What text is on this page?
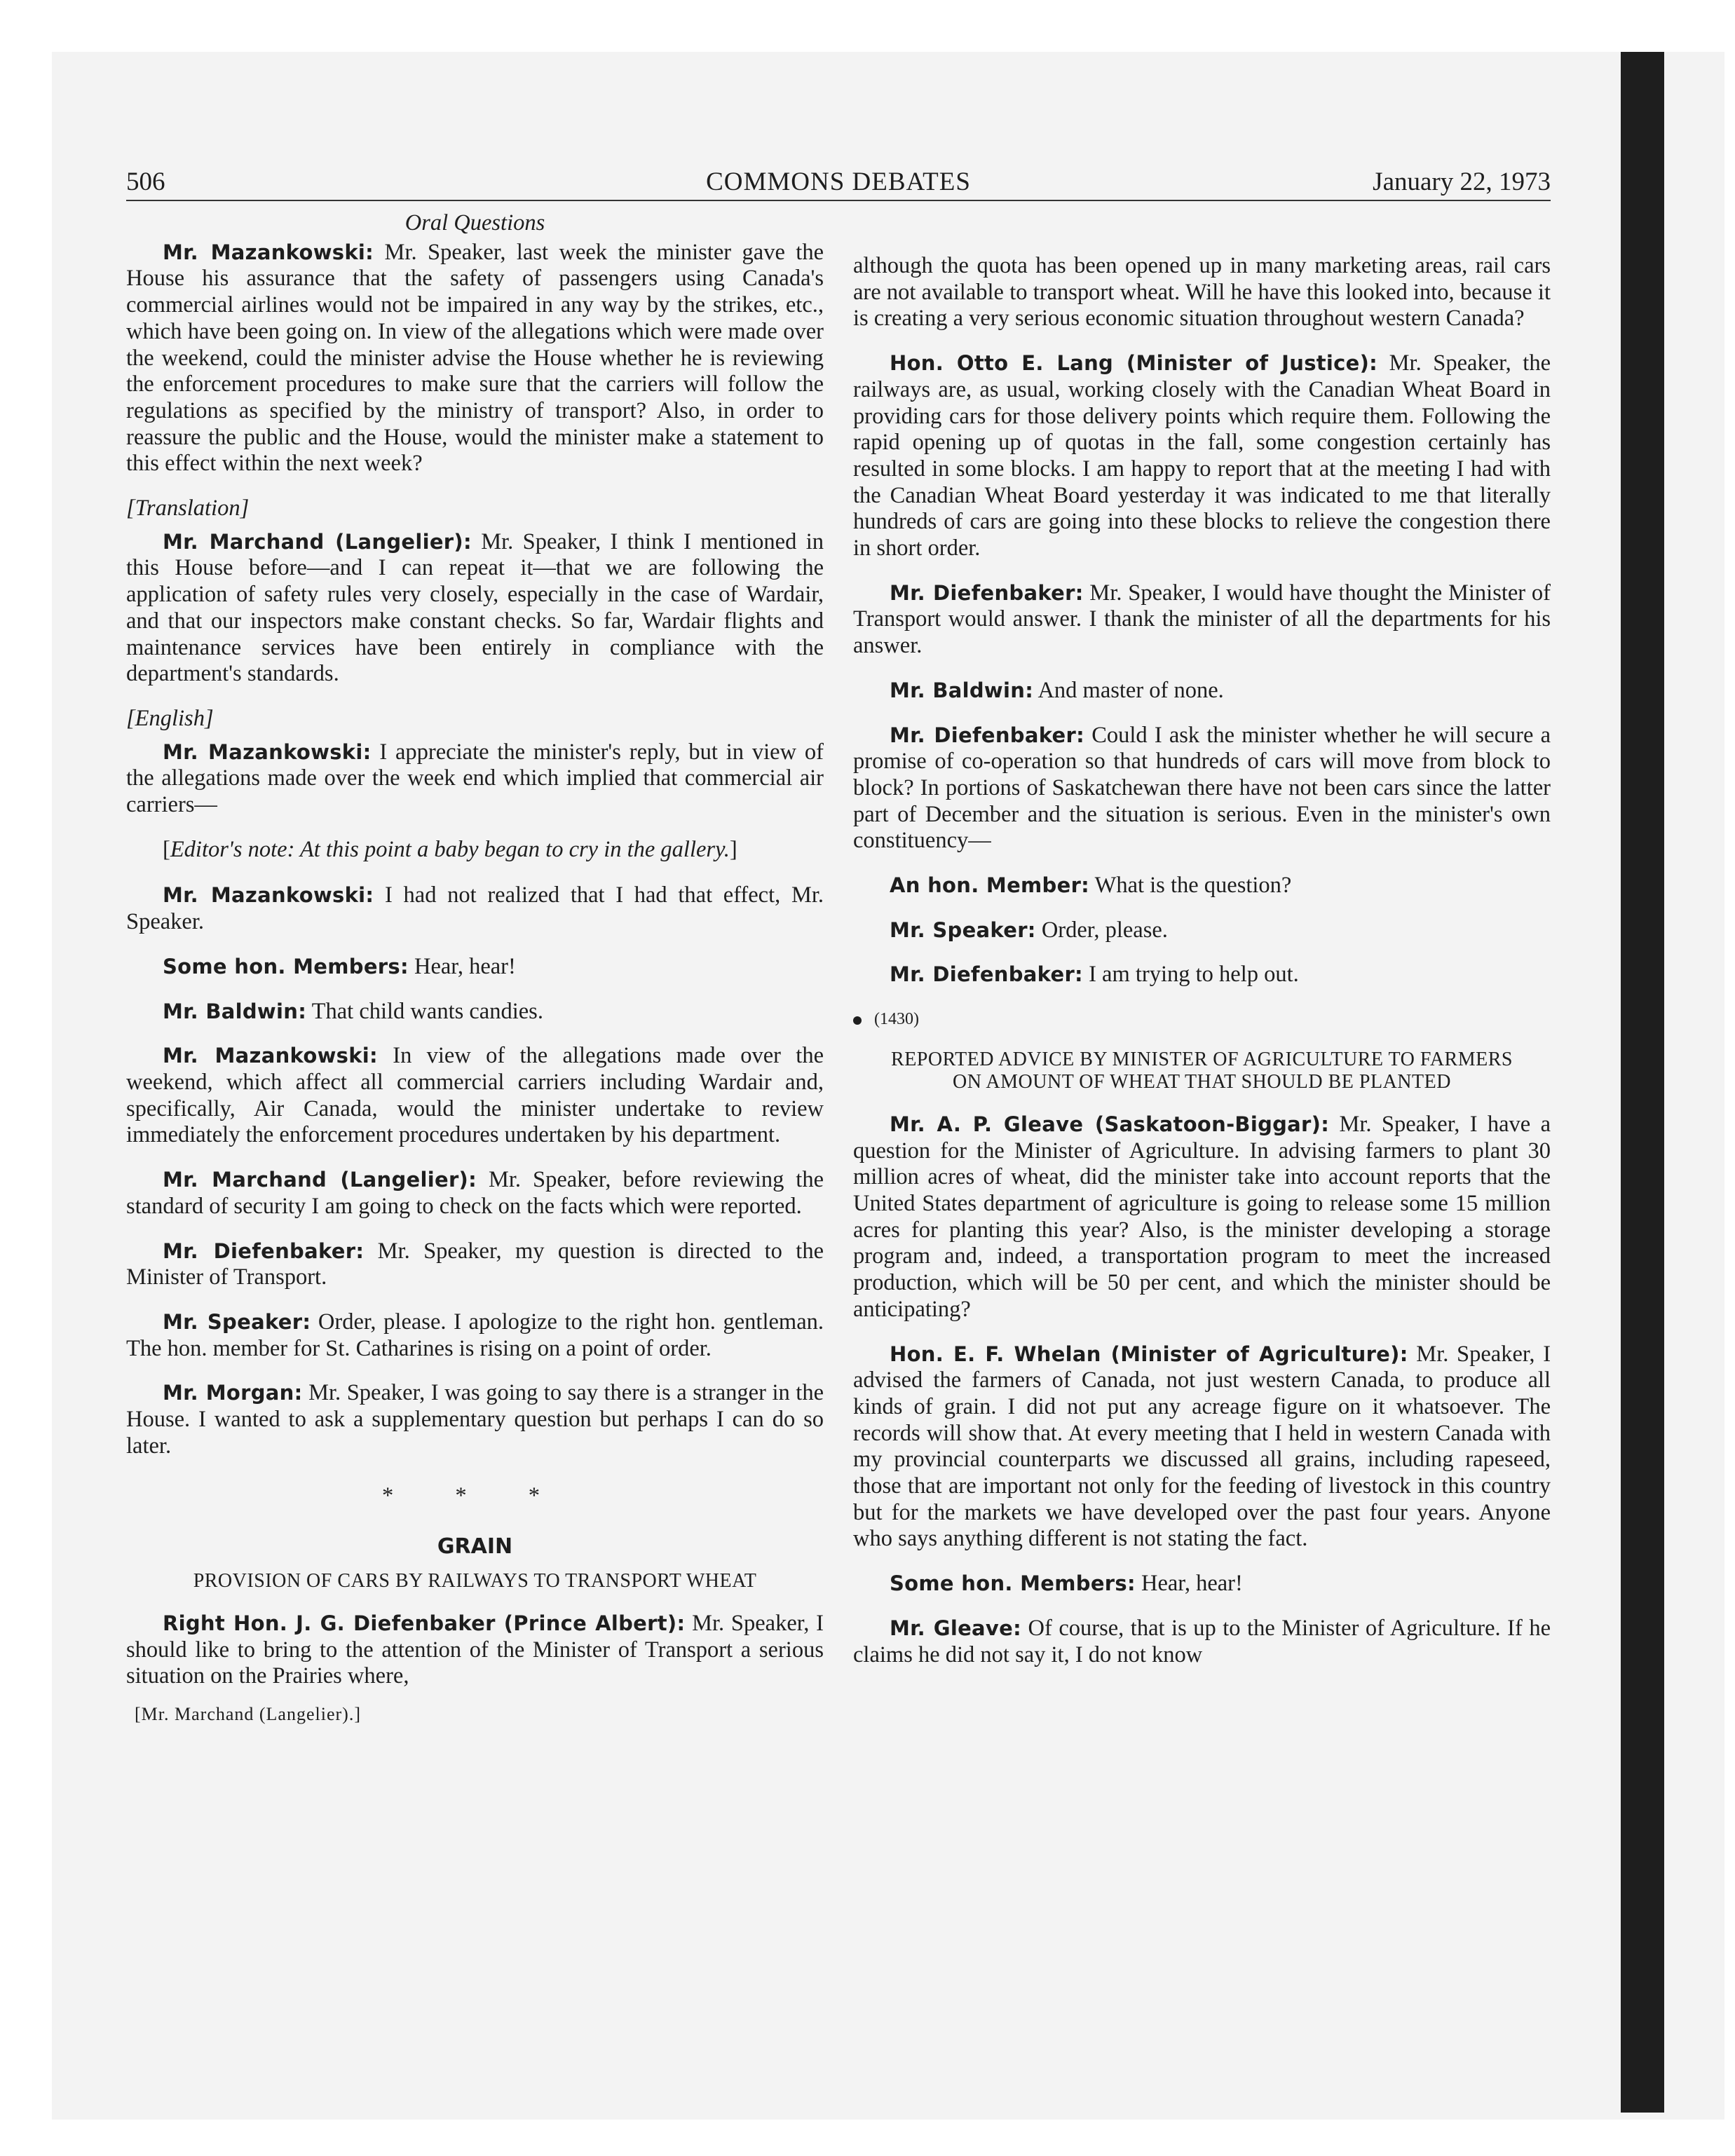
506	COMMONS DEBATES	January 22, 1973
Oral Questions

Mr. Mazankowski: Mr. Speaker, last week the minister gave the House his assurance that the safety of passengers using Canada's commercial airlines would not be impaired in any way by the strikes, etc., which have been going on. In view of the allegations which were made over the weekend, could the minister advise the House whether he is reviewing the enforcement procedures to make sure that the carriers will follow the regulations as specified by the ministry of transport? Also, in order to reassure the public and the House, would the minister make a statement to this effect within the next week?

[Translation]

Mr. Marchand (Langelier): Mr. Speaker, I think I mentioned in this House before—and I can repeat it—that we are following the application of safety rules very closely, especially in the case of Wardair, and that our inspectors make constant checks. So far, Wardair flights and maintenance services have been entirely in compliance with the department's standards.

[English]

Mr. Mazankowski: I appreciate the minister's reply, but in view of the allegations made over the week end which implied that commercial air carriers—

[Editor's note: At this point a baby began to cry in the gallery.]

Mr. Mazankowski: I had not realized that I had that effect, Mr. Speaker.

Some hon. Members: Hear, hear!

Mr. Baldwin: That child wants candies.

Mr. Mazankowski: In view of the allegations made over the weekend, which affect all commercial carriers including Wardair and, specifically, Air Canada, would the minister undertake to review immediately the enforcement procedures undertaken by his department.

Mr. Marchand (Langelier): Mr. Speaker, before reviewing the standard of security I am going to check on the facts which were reported.

Mr. Diefenbaker: Mr. Speaker, my question is directed to the Minister of Transport.

Mr. Speaker: Order, please. I apologize to the right hon. gentleman. The hon. member for St. Catharines is rising on a point of order.

Mr. Morgan: Mr. Speaker, I was going to say there is a stranger in the House. I wanted to ask a supplementary question but perhaps I can do so later.

* * *
GRAIN
PROVISION OF CARS BY RAILWAYS TO TRANSPORT WHEAT

Right Hon. J. G. Diefenbaker (Prince Albert): Mr. Speaker, I should like to bring to the attention of the Minister of Transport a serious situation on the Prairies where,

[Mr. Marchand (Langelier).]

although the quota has been opened up in many marketing areas, rail cars are not available to transport wheat. Will he have this looked into, because it is creating a very serious economic situation throughout western Canada?

Hon. Otto E. Lang (Minister of Justice): Mr. Speaker, the railways are, as usual, working closely with the Canadian Wheat Board in providing cars for those delivery points which require them. Following the rapid opening up of quotas in the fall, some congestion certainly has resulted in some blocks. I am happy to report that at the meeting I had with the Canadian Wheat Board yesterday it was indicated to me that literally hundreds of cars are going into these blocks to relieve the congestion there in short order.

Mr. Diefenbaker: Mr. Speaker, I would have thought the Minister of Transport would answer. I thank the minister of all the departments for his answer.

Mr. Baldwin: And master of none.

Mr. Diefenbaker: Could I ask the minister whether he will secure a promise of co-operation so that hundreds of cars will move from block to block? In portions of Saskatchewan there have not been cars since the latter part of December and the situation is serious. Even in the minister's own constituency—

An hon. Member: What is the question?

Mr. Speaker: Order, please.

Mr. Diefenbaker: I am trying to help out.

(1430)
REPORTED ADVICE BY MINISTER OF AGRICULTURE TO FARMERS ON AMOUNT OF WHEAT THAT SHOULD BE PLANTED

Mr. A. P. Gleave (Saskatoon-Biggar): Mr. Speaker, I have a question for the Minister of Agriculture. In advising farmers to plant 30 million acres of wheat, did the minister take into account reports that the United States department of agriculture is going to release some 15 million acres for planting this year? Also, is the minister developing a storage program and, indeed, a transportation program to meet the increased production, which will be 50 per cent, and which the minister should be anticipating?

Hon. E. F. Whelan (Minister of Agriculture): Mr. Speaker, I advised the farmers of Canada, not just western Canada, to produce all kinds of grain. I did not put any acreage figure on it whatsoever. The records will show that. At every meeting that I held in western Canada with my provincial counterparts we discussed all grains, including rapeseed, those that are important not only for the feeding of livestock in this country but for the markets we have developed over the past four years. Anyone who says anything different is not stating the fact.

Some hon. Members: Hear, hear!

Mr. Gleave: Of course, that is up to the Minister of Agriculture. If he claims he did not say it, I do not know
